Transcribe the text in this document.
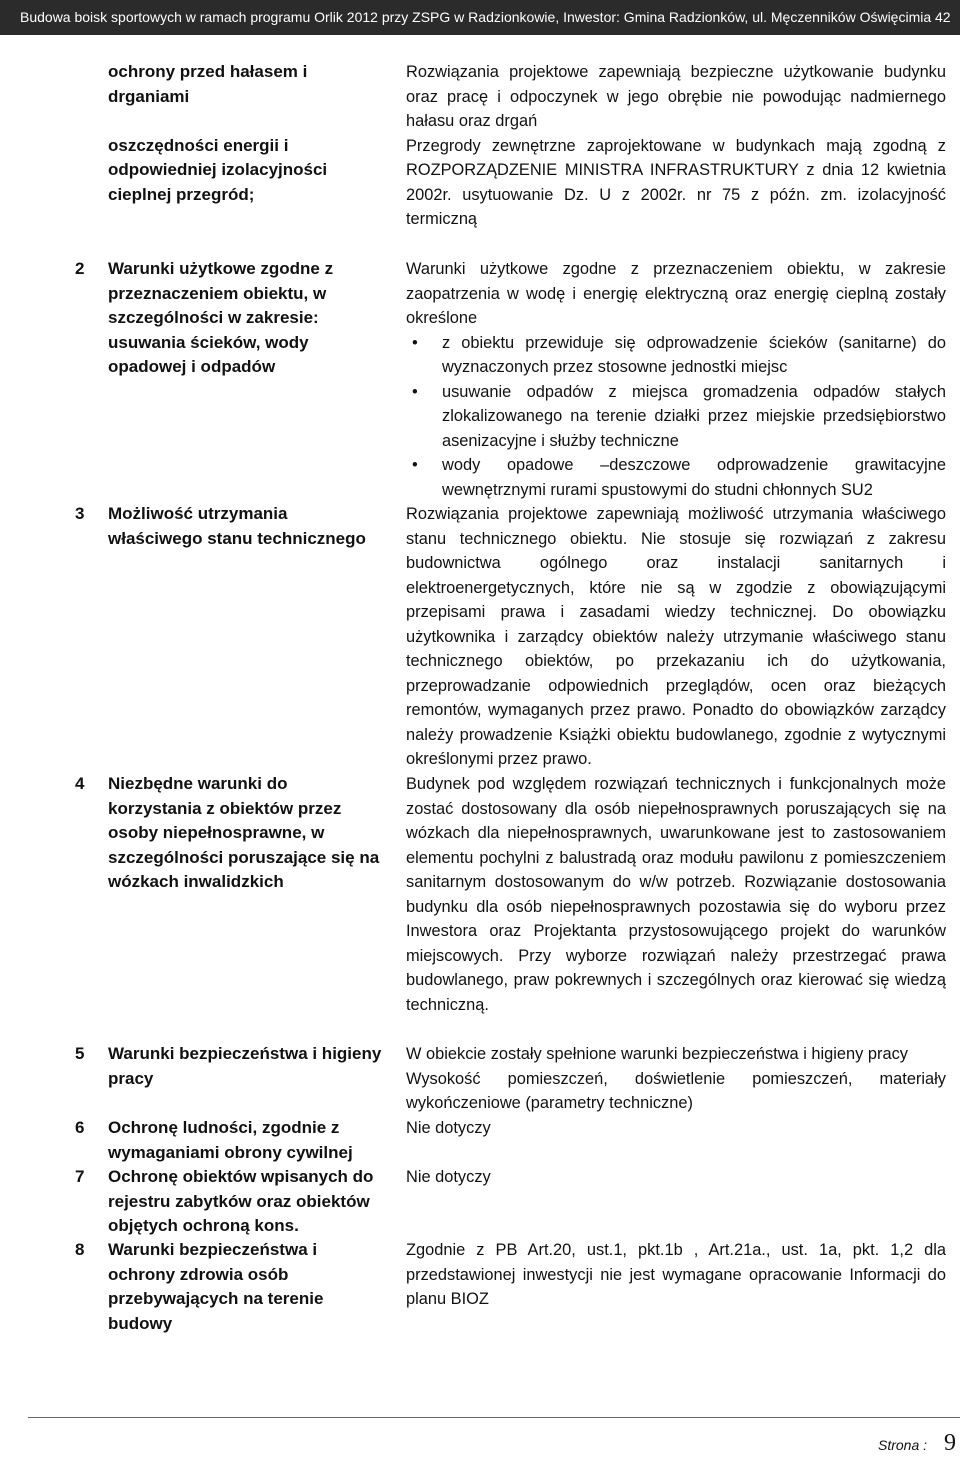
Budowa boisk sportowych w ramach programu Orlik 2012 przy ZSPG w Radzionkowie, Inwestor: Gmina Radzionków, ul. Męczenników Oświęcimia 42
ochrony przed hałasem i
drganiami

oszczędności energii i
odpowiedniej izolacyjności
cieplnej przegród;

Rozwiązania projektowe zapewniają bezpieczne użytkowanie budynku oraz pracę i odpoczynek w jego obrębie nie powodując nadmiernego hałasu oraz drgań

Przegrody zewnętrzne zaprojektowane w budynkach mają zgodną z ROZPORZĄDZENIE MINISTRA INFRASTRUKTURY z dnia 12 kwietnia 2002r. usytuowanie Dz. U z 2002r. nr 75 z późn. zm. izolacyjność termiczną

2 Warunki użytkowe zgodne z
przeznaczeniem obiektu, w
szczególności w zakresie:
usuwania ścieków, wody
opadowej i odpadów

Warunki użytkowe zgodne z przeznaczeniem obiektu, w zakresie zaopatrzenia w wodę i energię elektryczną oraz energię cieplną zostały określone

• z obiektu przewiduje się odprowadzenie ścieków (sanitarne) do wyznaczonych przez stosowne jednostki miejsc
• usuwanie odpadów z miejsca gromadzenia odpadów stałych zlokalizowanego na terenie działki przez miejskie przedsiębiorstwo asenizacyjne i służby techniczne
• wody opadowe –deszczowe odprowadzenie grawitacyjne wewnętrznymi rurami spustowymi do studni chłonnych SU2
3 Możliwość utrzymania
właściwego stanu technicznego

Rozwiązania projektowe zapewniają możliwość utrzymania właściwego stanu technicznego obiektu. Nie stosuje się rozwiązań z zakresu budownictwa ogólnego oraz instalacji sanitarnych i elektroenergetycznych, które nie są w zgodzie z obowiązującymi przepisami prawa i zasadami wiedzy technicznej. Do obowiązku użytkownika i zarządcy obiektów należy utrzymanie właściwego stanu technicznego obiektów, po przekazaniu ich do użytkowania, przeprowadzanie odpowiednich przeglądów, ocen oraz bieżących remontów, wymaganych przez prawo. Ponadto do obowiązków zarządcy należy prowadzenie Książki obiektu budowlanego, zgodnie z wytycznymi określonymi przez prawo.

4 Niezbędne warunki do
korzystania z obiektów przez
osoby niepełnosprawne, w
szczególności poruszające się na
wózkach inwalidzkich

Budynek pod względem rozwiązań technicznych i funkcjonalnych może zostać dostosowany dla osób niepełnosprawnych poruszających się na wózkach dla niepełnosprawnych, uwarunkowane jest to zastosowaniem elementu pochylni z balustradą oraz modułu pawilonu z pomieszczeniem sanitarnym dostosowanym do w/w potrzeb. Rozwiązanie dostosowania budynku dla osób niepełnosprawnych pozostawia się do wyboru przez Inwestora oraz Projektanta przystosowującego projekt do warunków miejscowych. Przy wyborze rozwiązań należy przestrzegać prawa budowlanego, praw pokrewnych i szczególnych oraz kierować się wiedzą techniczną.

5 Warunki bezpieczeństwa i higieny
pracy

W obiekcie zostały spełnione warunki bezpieczeństwa i higieny pracy

Wysokość pomieszczeń, doświetlenie pomieszczeń, materiały wykończeniowe (parametry techniczne)

6 Ochronę ludności, zgodnie z
wymaganiami obrony cywilnej

Nie dotyczy

7 Ochronę obiektów wpisanych do
rejestru zabytków oraz obiektów
objętych ochroną kons.

Nie dotyczy

8 Warunki bezpieczeństwa i
ochrony zdrowia osób
przebywających na terenie
budowy

Zgodnie z PB Art.20, ust.1, pkt.1b , Art.21a., ust. 1a, pkt. 1,2 dla przedstawionej inwestycji nie jest wymagane opracowanie Informacji do planu BIOZ

Strona : 9
